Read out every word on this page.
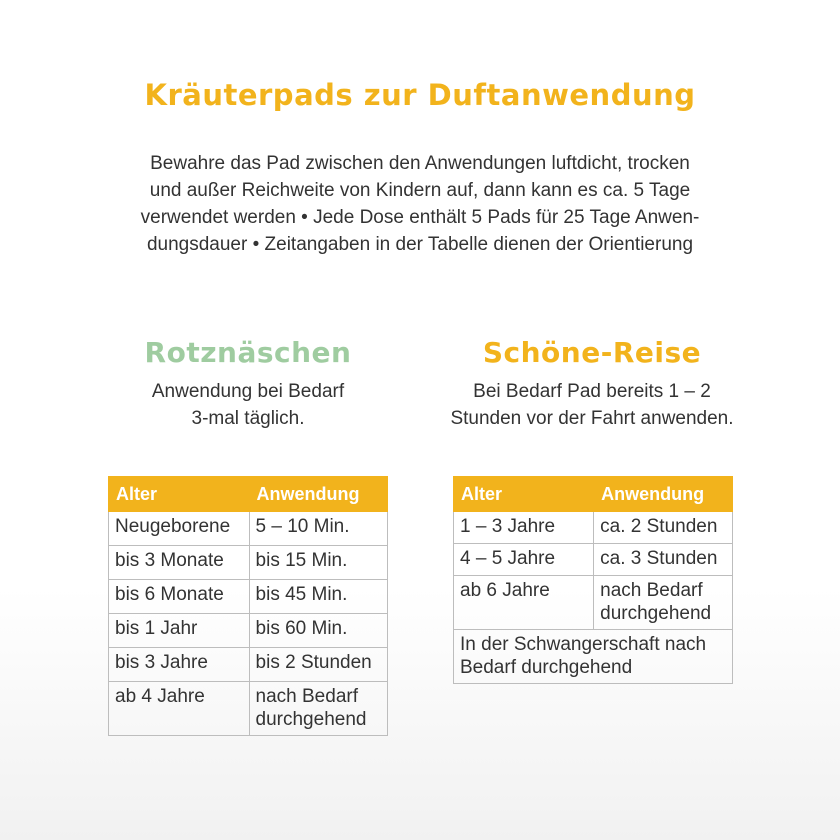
Kräuterpads zur Duftanwendung

Bewahre das Pad zwischen den Anwendungen luftdicht, trocken

und außer Reichweite von Kindern auf, dann kann es ca. 5 Tage

verwendet werden • Jede Dose enthält 5 Pads für 25 Tage Anwen-

dungsdauer • Zeitangaben in der Tabelle dienen der Orientierung

Rotznäschen

Anwendung bei Bedarf

3-mal täglich.

Alter	Anwendung
Neugeborene	5 – 10 Min.
bis 3 Monate	bis 15 Min.
bis 6 Monate	bis 45 Min.
bis 1 Jahr	bis 60 Min.
bis 3 Jahre	bis 2 Stunden
ab 4 Jahre	nach Bedarf durchgehend
Schöne-Reise

Bei Bedarf Pad bereits 1 – 2

Stunden vor der Fahrt anwenden.

Alter	Anwendung
1 – 3 Jahre	ca. 2 Stunden
4 – 5 Jahre	ca. 3 Stunden
ab 6 Jahre	nach Bedarf durchgehend
In der Schwangerschaft nach Bedarf durchgehend	
